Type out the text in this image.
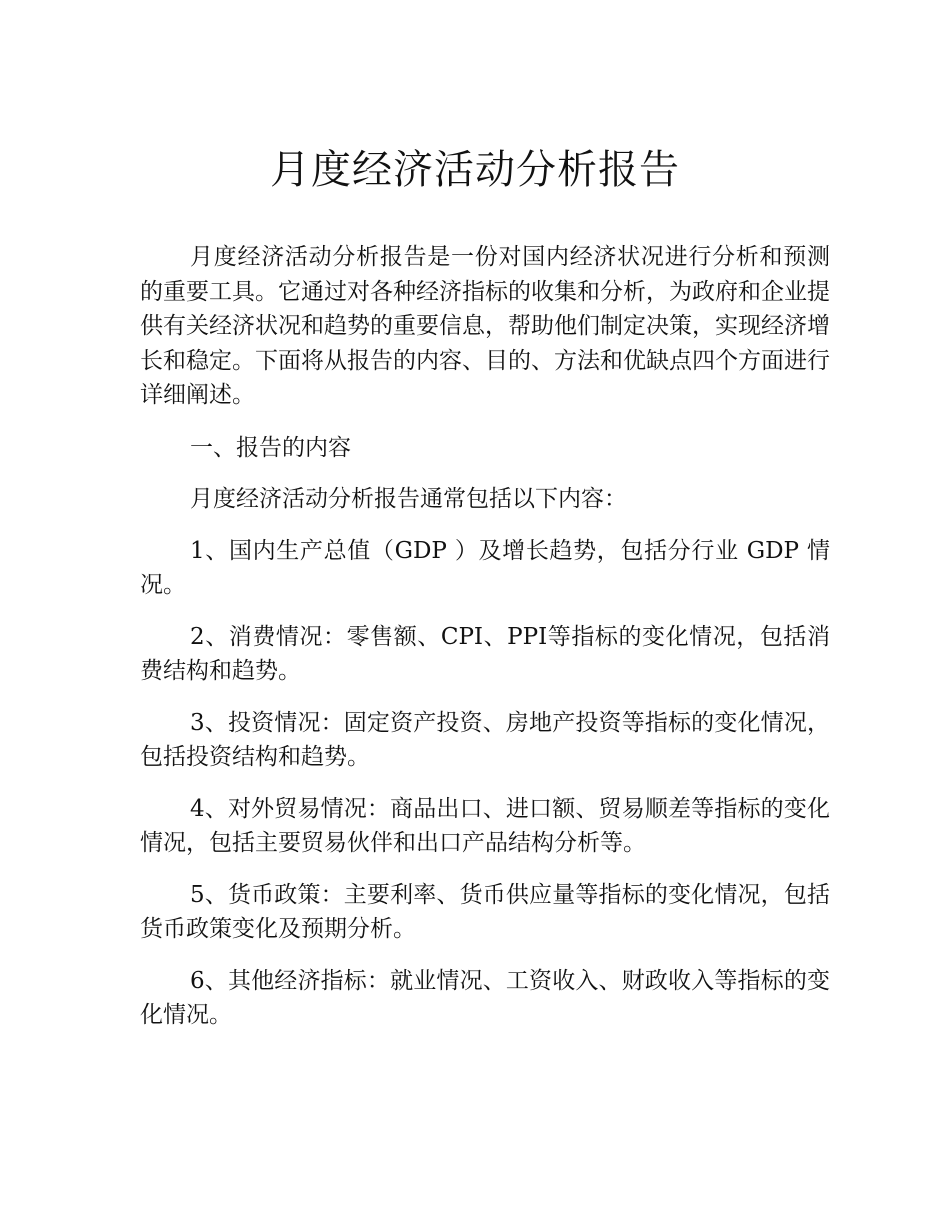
月度经济活动分析报告

月度经济活动分析报告是一份对国内经济状况进行分析和预测的重要工具。它通过对各种经济指标的收集和分析，为政府和企业提供有关经济状况和趋势的重要信息，帮助他们制定决策，实现经济增长和稳定。下面将从报告的内容、目的、方法和优缺点四个方面进行详细阐述。

一、报告的内容

月度经济活动分析报告通常包括以下内容：

1、国内生产总值（GDP ）及增长趋势，包括分行业 GDP 情况。

2、消费情况：零售额、CPI、PPI等指标的变化情况，包括消费结构和趋势。

3、投资情况：固定资产投资、房地产投资等指标的变化情况，包括投资结构和趋势。

4、对外贸易情况：商品出口、进口额、贸易顺差等指标的变化情况，包括主要贸易伙伴和出口产品结构分析等。

5、货币政策：主要利率、货币供应量等指标的变化情况，包括货币政策变化及预期分析。

6、其他经济指标：就业情况、工资收入、财政收入等指标的变化情况。
